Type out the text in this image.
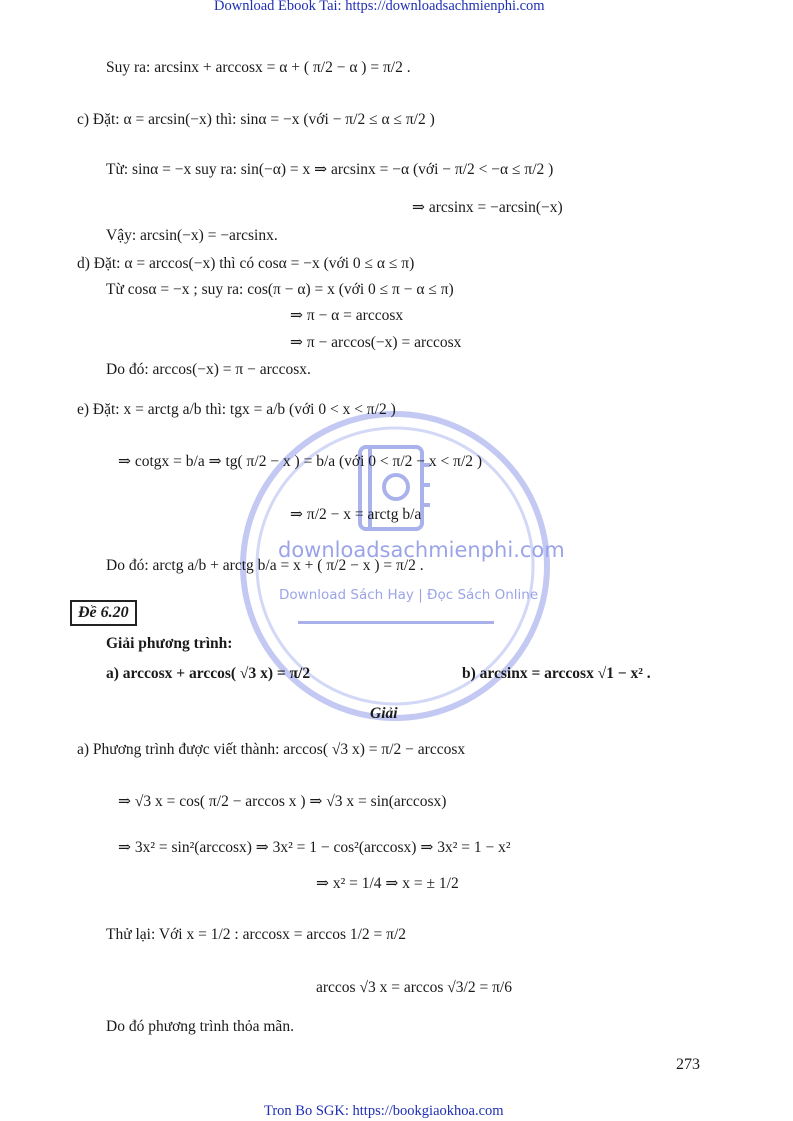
downloadsachmienphi.com
Download Sách Hay | Đọc Sách Online
Download Ebook Tai: https://downloadsachmienphi.com
Suy ra: arcsinx + arccosx = α + ( π/2 − α ) = π/2 .
c) Đặt: α = arcsin(−x) thì: sinα = −x (với − π/2 ≤ α ≤ π/2 )
Từ: sinα = −x suy ra: sin(−α) = x ⇒ arcsinx = −α (với − π/2 < −α ≤ π/2 )
⇒ arcsinx = −arcsin(−x)
Vậy: arcsin(−x) = −arcsinx.
d) Đặt: α = arccos(−x) thì có cosα = −x (với 0 ≤ α ≤ π)
Từ cosα = −x ; suy ra: cos(π − α) = x (với 0 ≤ π − α ≤ π)
⇒ π − α = arccosx
⇒ π − arccos(−x) = arccosx
Do đó: arccos(−x) = π − arccosx.
e) Đặt: x = arctg a/b thì: tgx = a/b (với 0 < x < π/2 )
⇒ cotgx = b/a ⇒ tg( π/2 − x ) = b/a (với 0 < π/2 − x < π/2 )
⇒ π/2 − x = arctg b/a
Do đó: arctg a/b + arctg b/a = x + ( π/2 − x ) = π/2 .
Đề 6.20
Giải phương trình:
a) arccosx + arccos( √3 x) = π/2	b) arcsinx = arccosx √1 − x² .
Giải
a) Phương trình được viết thành: arccos( √3 x) = π/2 − arccosx
⇒ √3 x = cos( π/2 − arccos x ) ⇒ √3 x = sin(arccosx)
⇒ 3x² = sin²(arccosx) ⇒ 3x² = 1 − cos²(arccosx) ⇒ 3x² = 1 − x²
⇒ x² = 1/4 ⇒ x = ± 1/2
Thử lại: Với x = 1/2 : arccosx = arccos 1/2 = π/2
arccos √3 x = arccos √3/2 = π/6
Do đó phương trình thỏa mãn.
273
Tron Bo SGK: https://bookgiaokhoa.com
